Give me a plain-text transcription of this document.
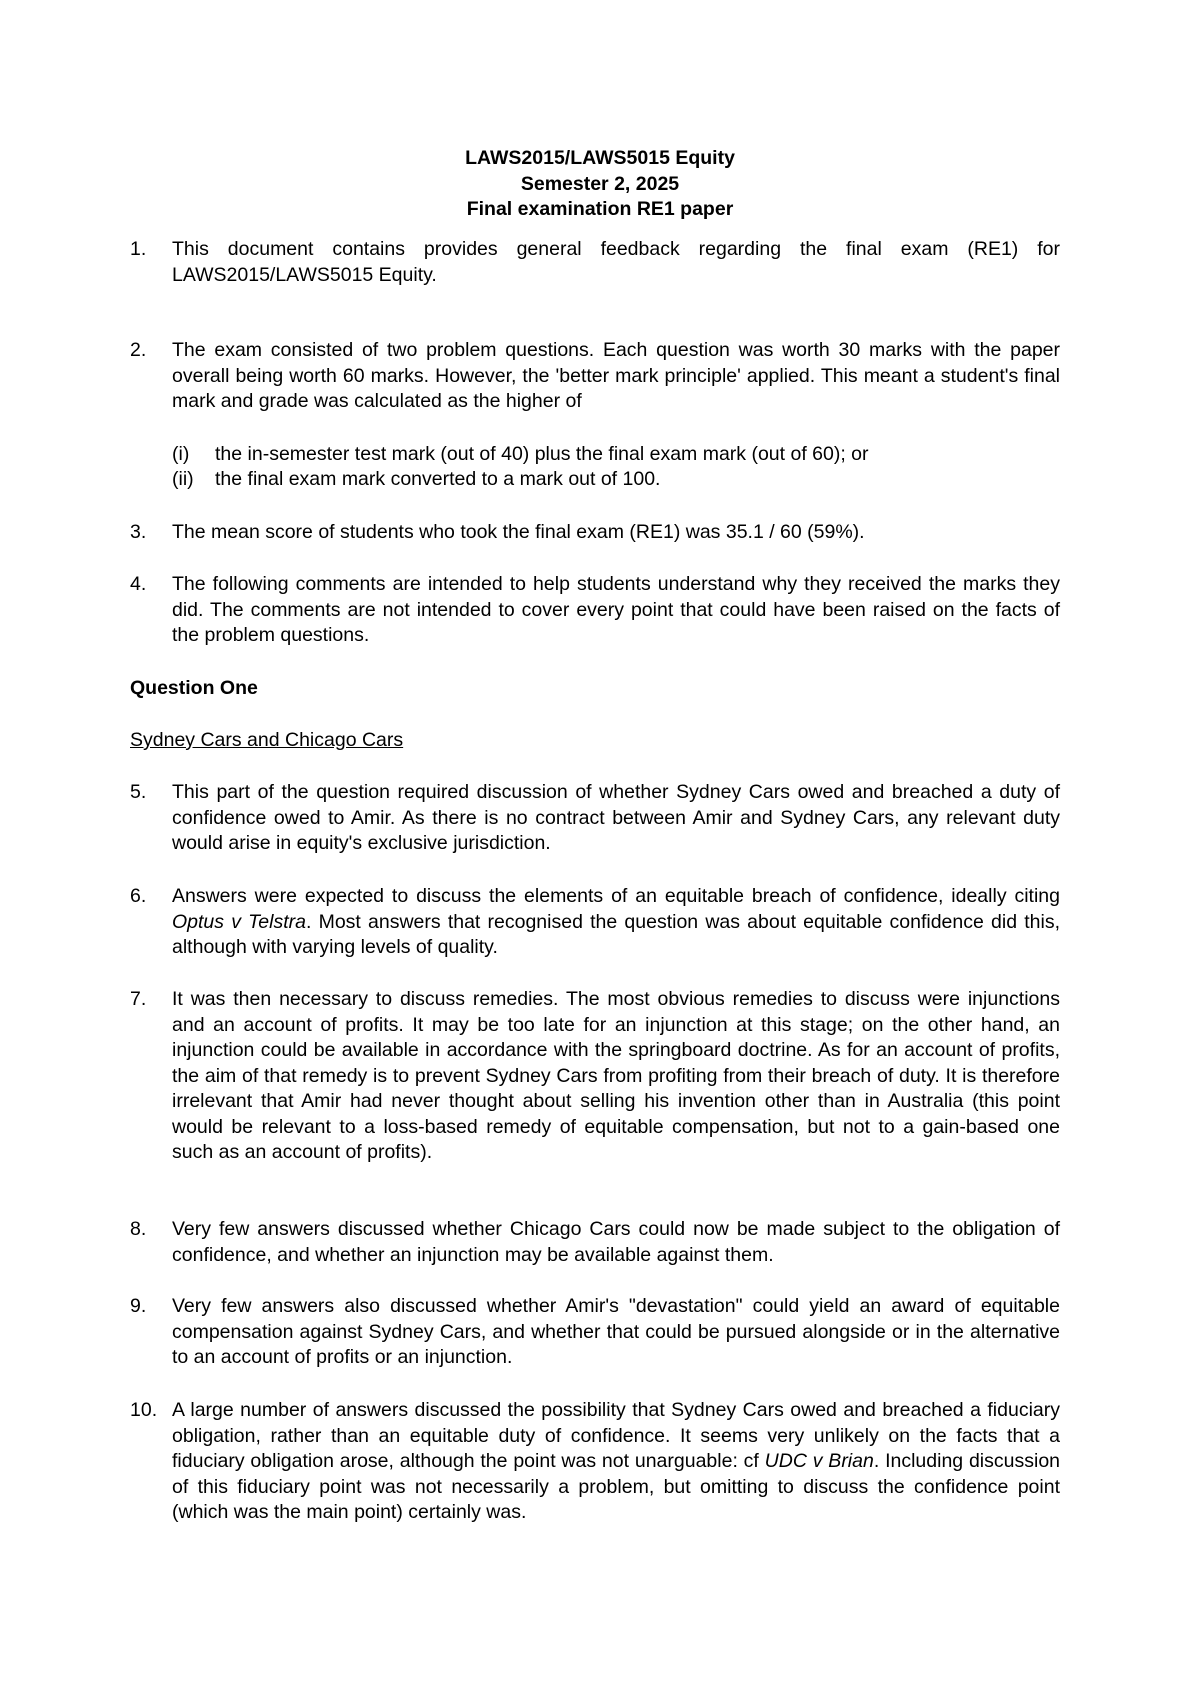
LAWS2015/LAWS5015 Equity
Semester 2, 2025
Final examination RE1 paper
1.	This document contains provides general feedback regarding the final exam (RE1) for LAWS2015/LAWS5015 Equity.
2.	The exam consisted of two problem questions. Each question was worth 30 marks with the paper overall being worth 60 marks. However, the 'better mark principle' applied. This meant a student's final mark and grade was calculated as the higher of
(i) the in-semester test mark (out of 40) plus the final exam mark (out of 60); or
(ii) the final exam mark converted to a mark out of 100.
3.	The mean score of students who took the final exam (RE1) was 35.1 / 60 (59%).
4.	The following comments are intended to help students understand why they received the marks they did. The comments are not intended to cover every point that could have been raised on the facts of the problem questions.
Question One
Sydney Cars and Chicago Cars
5.	This part of the question required discussion of whether Sydney Cars owed and breached a duty of confidence owed to Amir. As there is no contract between Amir and Sydney Cars, any relevant duty would arise in equity's exclusive jurisdiction.
6.	Answers were expected to discuss the elements of an equitable breach of confidence, ideally citing Optus v Telstra. Most answers that recognised the question was about equitable confidence did this, although with varying levels of quality.
7.	It was then necessary to discuss remedies. The most obvious remedies to discuss were injunctions and an account of profits. It may be too late for an injunction at this stage; on the other hand, an injunction could be available in accordance with the springboard doctrine. As for an account of profits, the aim of that remedy is to prevent Sydney Cars from profiting from their breach of duty. It is therefore irrelevant that Amir had never thought about selling his invention other than in Australia (this point would be relevant to a loss-based remedy of equitable compensation, but not to a gain-based one such as an account of profits).
8.	Very few answers discussed whether Chicago Cars could now be made subject to the obligation of confidence, and whether an injunction may be available against them.
9.	Very few answers also discussed whether Amir's "devastation" could yield an award of equitable compensation against Sydney Cars, and whether that could be pursued alongside or in the alternative to an account of profits or an injunction.
10. A large number of answers discussed the possibility that Sydney Cars owed and breached a fiduciary obligation, rather than an equitable duty of confidence. It seems very unlikely on the facts that a fiduciary obligation arose, although the point was not unarguable: cf UDC v Brian. Including discussion of this fiduciary point was not necessarily a problem, but omitting to discuss the confidence point (which was the main point) certainly was.
